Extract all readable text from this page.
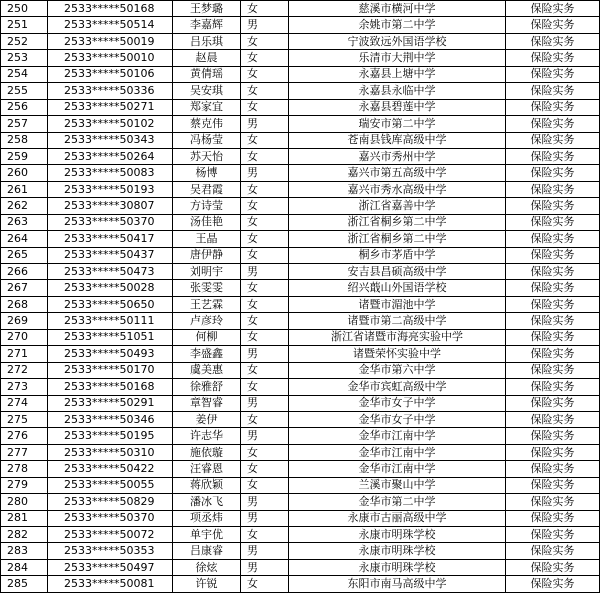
250	2533*****50168	王梦璐	女	慈溪市横河中学	保险实务
251	2533*****50514	李嘉辉	男	余姚市第二中学	保险实务
252	2533*****50019	吕乐琪	女	宁波致远外国语学校	保险实务
253	2533*****50010	赵晨	女	乐清市大荆中学	保险实务
254	2533*****50106	黄倩瑶	女	永嘉县上塘中学	保险实务
255	2533*****50336	吴安琪	女	永嘉县永临中学	保险实务
256	2533*****50271	郑家宜	女	永嘉县碧莲中学	保险实务
257	2533*****50102	蔡克伟	男	瑞安市第二中学	保险实务
258	2533*****50343	冯杨莹	女	苍南县钱库高级中学	保险实务
259	2533*****50264	苏天怡	女	嘉兴市秀州中学	保险实务
260	2533*****50083	杨博	男	嘉兴市第五高级中学	保险实务
261	2533*****50193	吴君霞	女	嘉兴市秀水高级中学	保险实务
262	2533*****30807	方诗莹	女	浙江省嘉善中学	保险实务
263	2533*****50370	汤佳艳	女	浙江省桐乡第二中学	保险实务
264	2533*****50417	王晶	女	浙江省桐乡第二中学	保险实务
265	2533*****50437	唐伊静	女	桐乡市茅盾中学	保险实务
266	2533*****50473	刘明宇	男	安吉县昌硕高级中学	保险实务
267	2533*****50028	张雯雯	女	绍兴蕺山外国语学校	保险实务
268	2533*****50650	王艺霖	女	诸暨市湄池中学	保险实务
269	2533*****50111	卢彦玲	女	诸暨市第二高级中学	保险实务
270	2533*****51051	何柳	女	浙江省诸暨市海亮实验中学	保险实务
271	2533*****50493	李盛鑫	男	诸暨荣怀实验中学	保险实务
272	2533*****50170	虞美惠	女	金华市第六中学	保险实务
273	2533*****50168	徐雅舒	女	金华市宾虹高级中学	保险实务
274	2533*****50291	章智睿	男	金华市女子中学	保险实务
275	2533*****50346	姜伊	女	金华市女子中学	保险实务
276	2533*****50195	许志华	男	金华市江南中学	保险实务
277	2533*****50310	施依璇	女	金华市江南中学	保险实务
278	2533*****50422	汪睿恩	女	金华市江南中学	保险实务
279	2533*****50055	蒋欣颖	女	兰溪市聚山中学	保险实务
280	2533*****50829	潘冰飞	男	金华市第二中学	保险实务
281	2533*****50370	项丞炜	男	永康市古丽高级中学	保险实务
282	2533*****50072	单宇优	女	永康市明珠学校	保险实务
283	2533*****50353	吕康睿	男	永康市明珠学校	保险实务
284	2533*****50497	徐炫	男	永康市明珠学校	保险实务
285	2533*****50081	许锐	女	东阳市南马高级中学	保险实务
